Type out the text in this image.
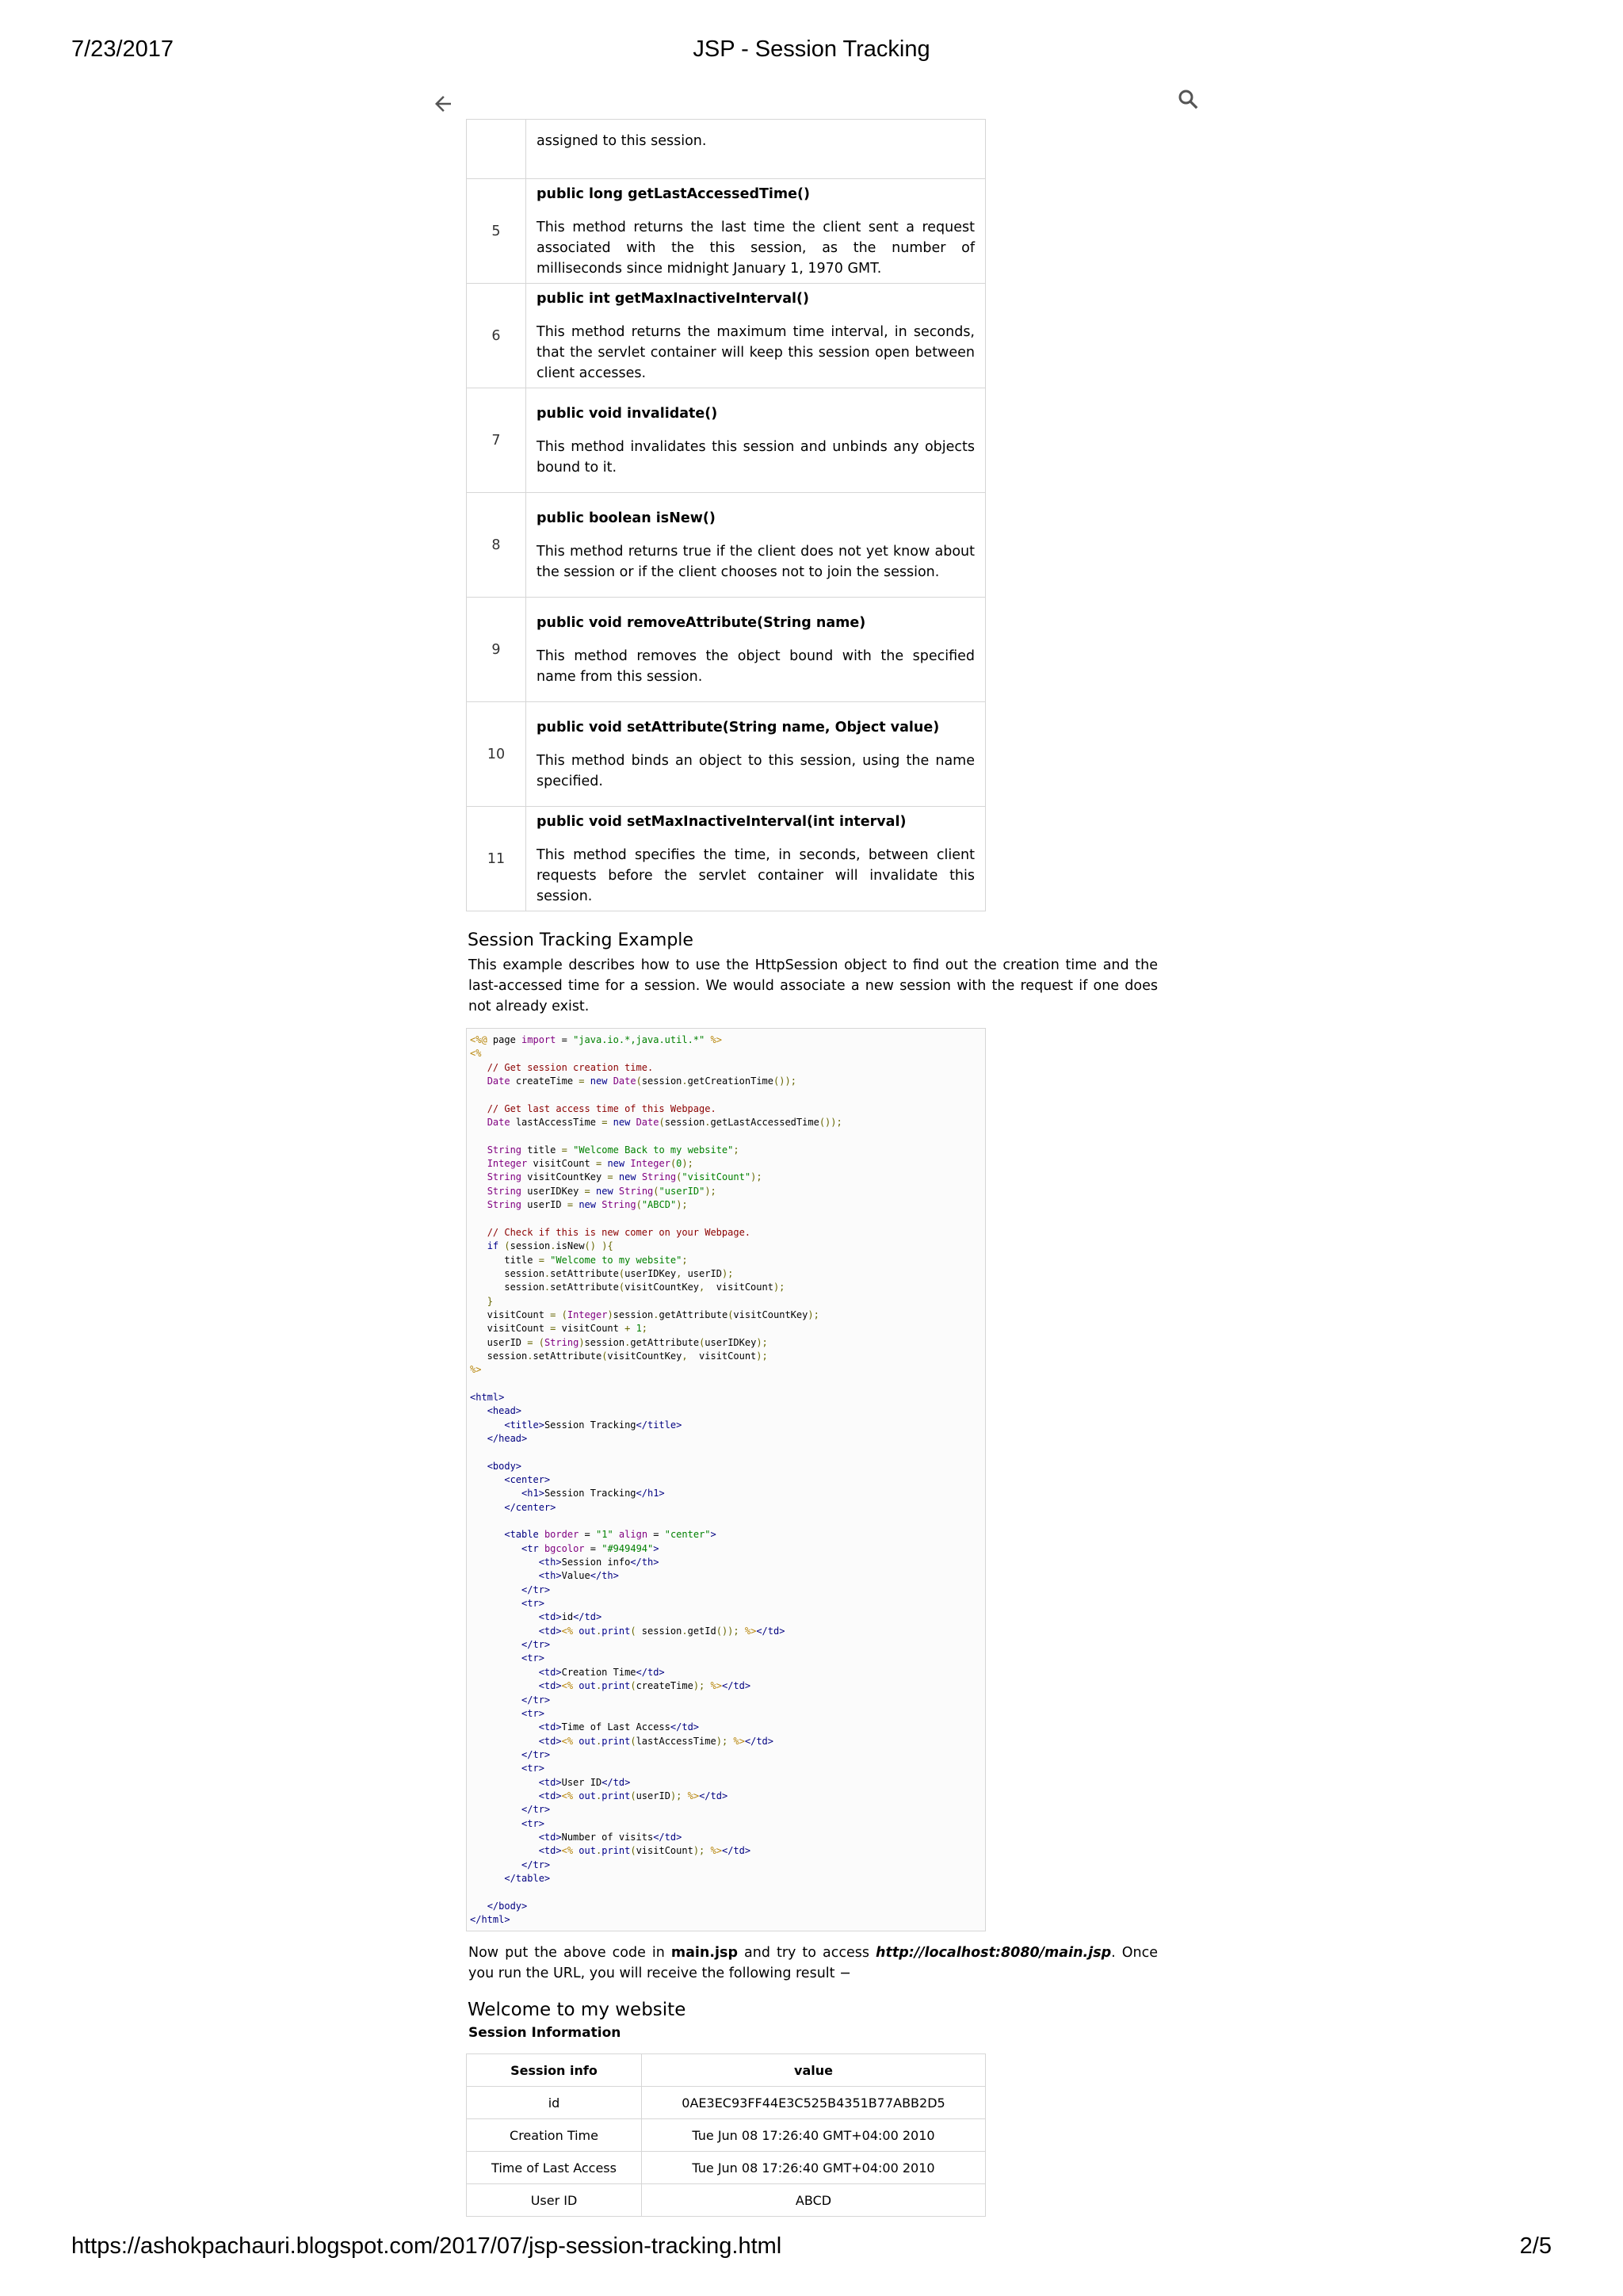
7/23/2017	JSP - Session Tracking
	assigned to this session.
5	public long getLastAccessedTime()
This method returns the last time the client sent a request associated with the this session, as the number of milliseconds since midnight January 1, 1970 GMT.

6	public int getMaxInactiveInterval()
This method returns the maximum time interval, in seconds, that the servlet container will keep this session open between client accesses.

7	public void invalidate()
This method invalidates this session and unbinds any objects bound to it.

8	public boolean isNew()
This method returns true if the client does not yet know about the session or if the client chooses not to join the session.

9	public void removeAttribute(String name)
This method removes the object bound with the specified name from this session.

10	public void setAttribute(String name, Object value)
This method binds an object to this session, using the name specified.

11	public void setMaxInactiveInterval(int interval)
This method specifies the time, in seconds, between client requests before the servlet container will invalidate this session.
Session Tracking Example

This example describes how to use the HttpSession object to find out the creation time and the last-accessed time for a session. We would associate a new session with the request if one does not already exist.

<%@ page import = "java.io.*,java.util.*" %>
<%
// Get session creation time.
Date createTime = new Date(session.getCreationTime());
// Get last access time of this Webpage.
Date lastAccessTime = new Date(session.getLastAccessedTime());
String title = "Welcome Back to my website";
Integer visitCount = new Integer(0);
String visitCountKey = new String("visitCount");
String userIDKey = new String("userID");
String userID = new String("ABCD");
// Check if this is new comer on your Webpage.
if (session.isNew() ){
title = "Welcome to my website";
session.setAttribute(userIDKey, userID);
session.setAttribute(visitCountKey,  visitCount);
}
visitCount = (Integer)session.getAttribute(visitCountKey);
visitCount = visitCount + 1;
userID = (String)session.getAttribute(userIDKey);
session.setAttribute(visitCountKey,  visitCount);
%>
<html>
<head>
<title>Session Tracking</title>
</head>
<body>
<center>
<h1>Session Tracking</h1>
</center>
<table border = "1" align = "center">
<tr bgcolor = "#949494">
<th>Session info</th>
<th>Value</th>
</tr>
<tr>
<td>id</td>
<td><% out.print( session.getId()); %></td>
</tr>
<tr>
<td>Creation Time</td>
<td><% out.print(createTime); %></td>
</tr>
<tr>
<td>Time of Last Access</td>
<td><% out.print(lastAccessTime); %></td>
</tr>
<tr>
<td>User ID</td>
<td><% out.print(userID); %></td>
</tr>
<tr>
<td>Number of visits</td>
<td><% out.print(visitCount); %></td>
</tr>
</table>
</body>
</html>

Now put the above code in main.jsp and try to access http://localhost:8080/main.jsp. Once you run the URL, you will receive the following result −

Welcome to my website
Session Information
Session info	value
id	0AE3EC93FF44E3C525B4351B77ABB2D5
Creation Time	Tue Jun 08 17:26:40 GMT+04:00 2010
Time of Last Access	Tue Jun 08 17:26:40 GMT+04:00 2010
User ID	ABCD
https://ashokpachauri.blogspot.com/2017/07/jsp-session-tracking.html	2/5
